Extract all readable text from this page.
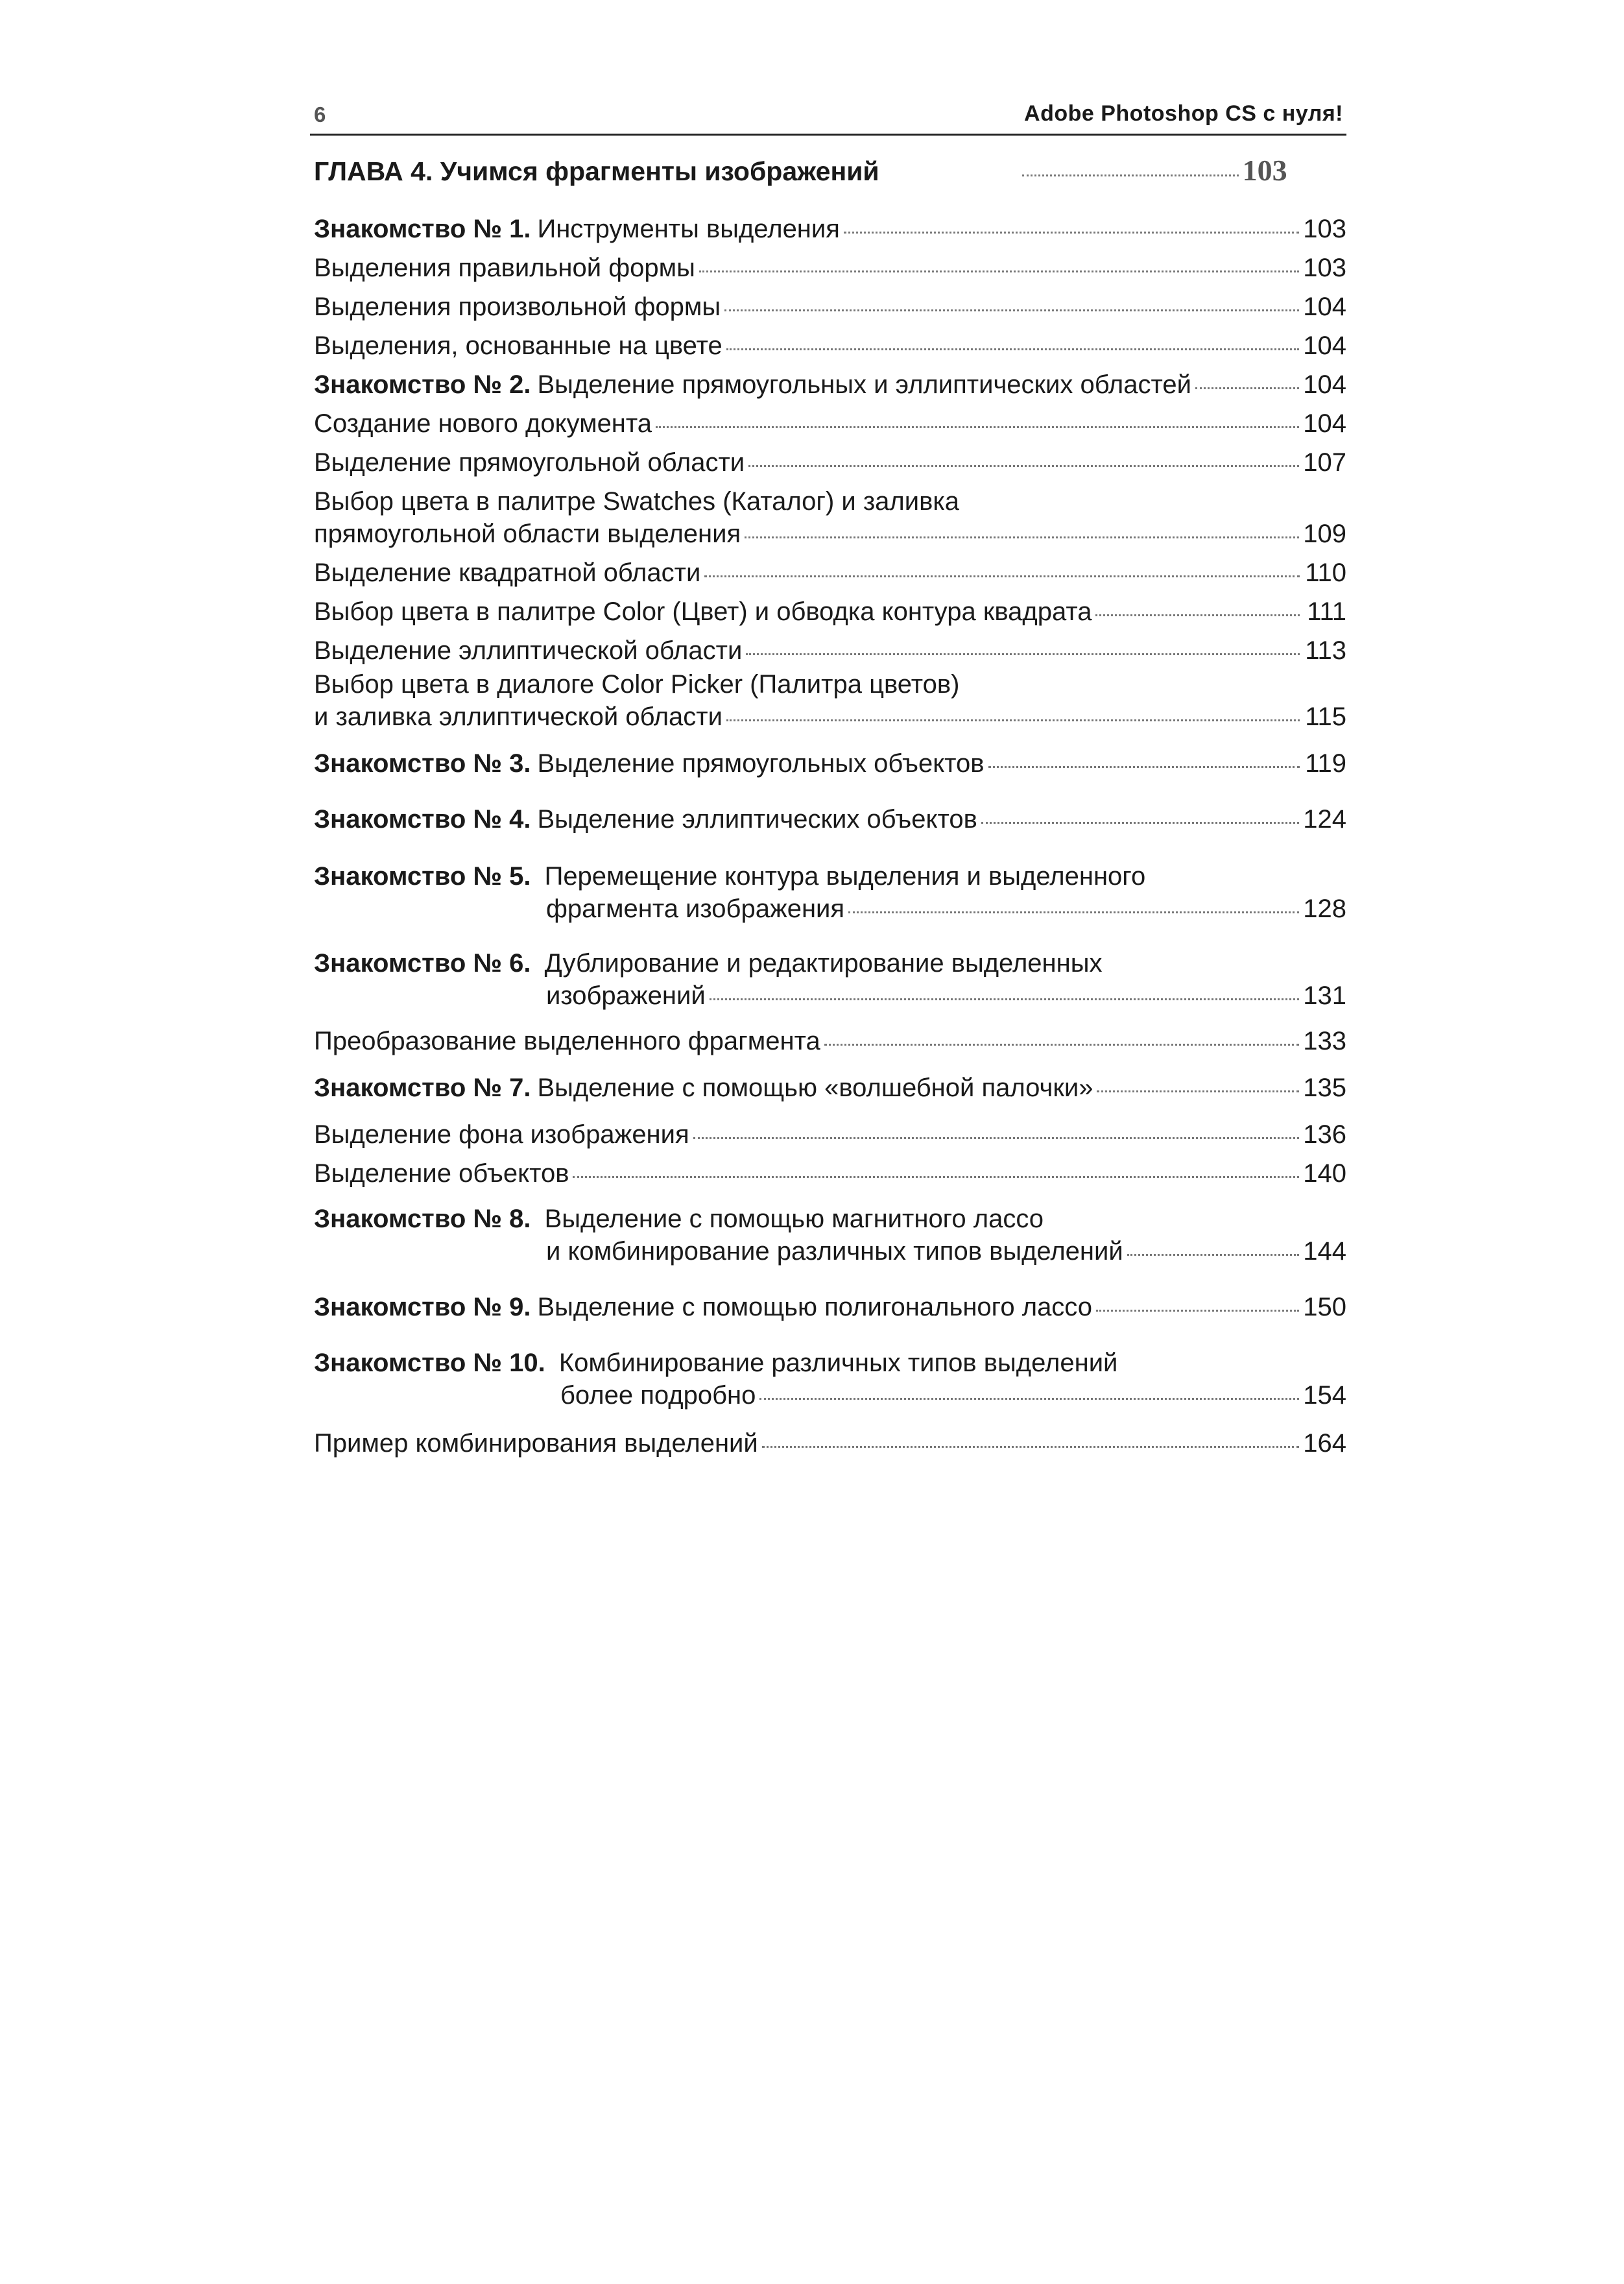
6	Adobe Photoshop CS с нуля!
ГЛАВА 4. Учимся фрагменты изображений	103
Знакомство № 1. Инструменты выделения	103
Выделения правильной формы	103
Выделения произвольной формы	104
Выделения, основанные на цвете	104
Знакомство № 2. Выделение прямоугольных и эллиптических областей	104
Создание нового документа	104
Выделение прямоугольной области	107
Выбор цвета в палитре Swatches (Каталог) и заливка
прямоугольной области выделения	109
Выделение квадратной области	110
Выбор цвета в палитре Color (Цвет) и обводка контура квадрата	111
Выделение эллиптической области	113
Выбор цвета в диалоге Color Picker (Палитра цветов)
и заливка эллиптической области	115
Знакомство № 3. Выделение прямоугольных объектов	119
Знакомство № 4. Выделение эллиптических объектов	124
Знакомство № 5. Перемещение контура выделения и выделенного
фрагмента изображения	128
Знакомство № 6. Дублирование и редактирование выделенных
изображений	131
Преобразование выделенного фрагмента	133
Знакомство № 7. Выделение с помощью «волшебной палочки»	135
Выделение фона изображения	136
Выделение объектов	140
Знакомство № 8. Выделение с помощью магнитного лассо
и комбинирование различных типов выделений	144
Знакомство № 9. Выделение с помощью полигонального лассо	150
Знакомство № 10. Комбинирование различных типов выделений
более подробно	154
Пример комбинирования выделений	164
